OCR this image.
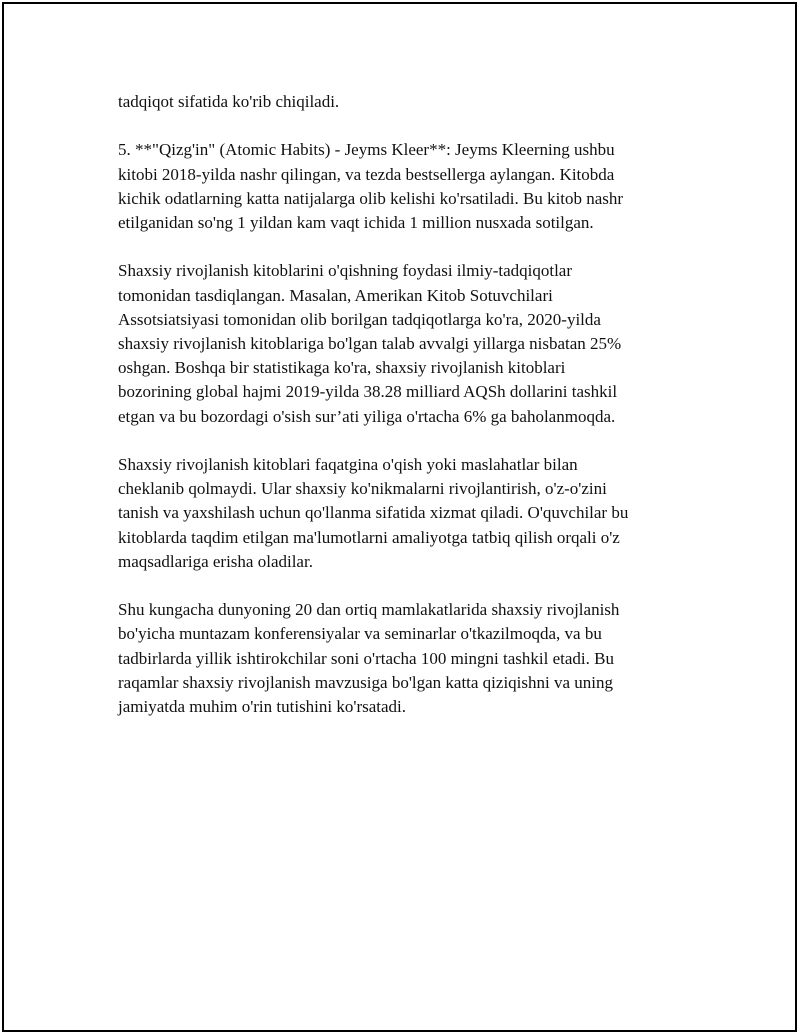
tadqiqot sifatida ko'rib chiqiladi.

5. **"Qizg'in" (Atomic Habits) - Jeyms Kleer**: Jeyms Kleerning ushbu
kitobi 2018-yilda nashr qilingan, va tezda bestsellerga aylangan. Kitobda
kichik odatlarning katta natijalarga olib kelishi ko'rsatiladi. Bu kitob nashr
etilganidan so'ng 1 yildan kam vaqt ichida 1 million nusxada sotilgan.

Shaxsiy rivojlanish kitoblarini o'qishning foydasi ilmiy-tadqiqotlar
tomonidan tasdiqlangan. Masalan, Amerikan Kitob Sotuvchilari
Assotsiatsiyasi tomonidan olib borilgan tadqiqotlarga ko'ra, 2020-yilda
shaxsiy rivojlanish kitoblariga bo'lgan talab avvalgi yillarga nisbatan 25%
oshgan. Boshqa bir statistikaga ko'ra, shaxsiy rivojlanish kitoblari
bozorining global hajmi 2019-yilda 38.28 milliard AQSh dollarini tashkil
etgan va bu bozordagi o'sish sur’ati yiliga o'rtacha 6% ga baholanmoqda.

Shaxsiy rivojlanish kitoblari faqatgina o'qish yoki maslahatlar bilan
cheklanib qolmaydi. Ular shaxsiy ko'nikmalarni rivojlantirish, o'z-o'zini
tanish va yaxshilash uchun qo'llanma sifatida xizmat qiladi. O'quvchilar bu
kitoblarda taqdim etilgan ma'lumotlarni amaliyotga tatbiq qilish orqali o'z
maqsadlariga erisha oladilar.

Shu kungacha dunyoning 20 dan ortiq mamlakatlarida shaxsiy rivojlanish
bo'yicha muntazam konferensiyalar va seminarlar o'tkazilmoqda, va bu
tadbirlarda yillik ishtirokchilar soni o'rtacha 100 mingni tashkil etadi. Bu
raqamlar shaxsiy rivojlanish mavzusiga bo'lgan katta qiziqishni va uning
jamiyatda muhim o'rin tutishini ko'rsatadi.
